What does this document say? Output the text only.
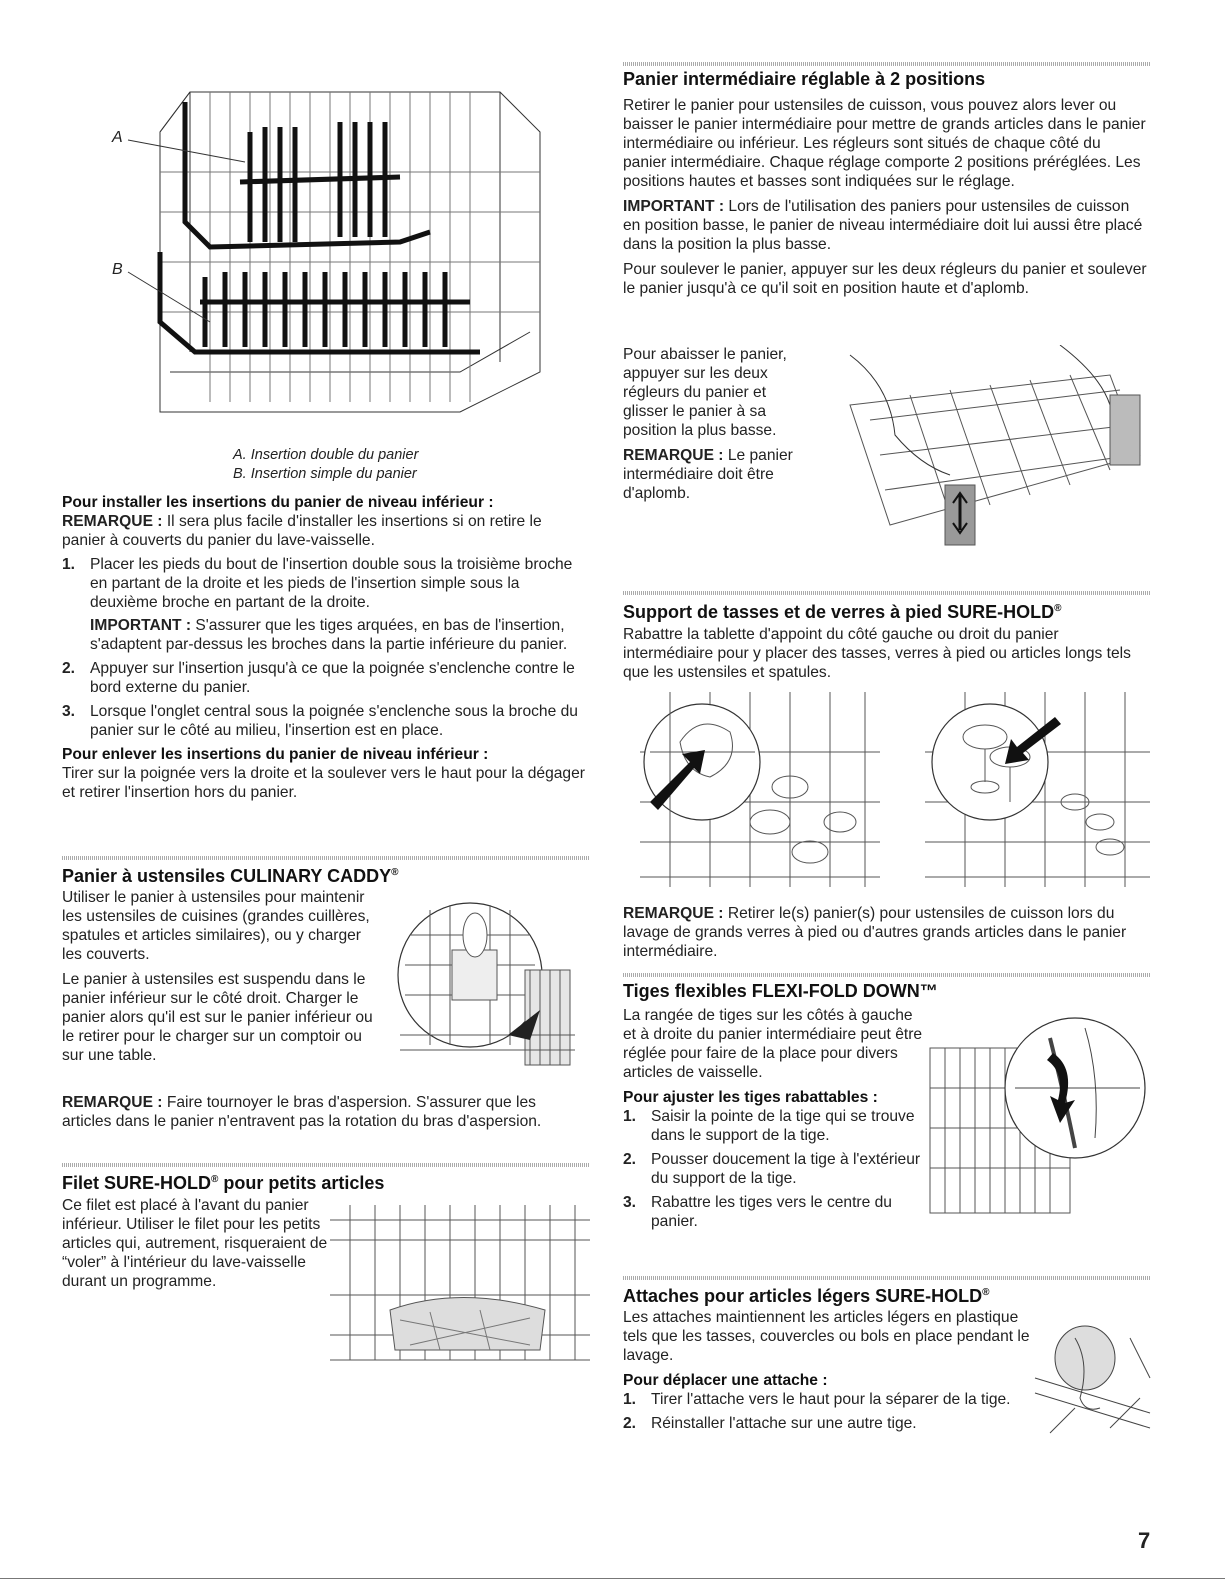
A
B
A. Insertion double du panier
B. Insertion simple du panier
Pour installer les insertions du panier de niveau inférieur :

REMARQUE : Il sera plus facile d'installer les insertions si on retire le panier à couverts du panier du lave-vaisselle.

1. Placer les pieds du bout de l'insertion double sous la troisième broche en partant de la droite et les pieds de l'insertion simple sous la deuxième broche en partant de la droite.

IMPORTANT : S'assurer que les tiges arquées, en bas de l'insertion, s'adaptent par-dessus les broches dans la partie inférieure du panier.

2. Appuyer sur l'insertion jusqu'à ce que la poignée s'enclenche contre le bord externe du panier.
3. Lorsque l'onglet central sous la poignée s'enclenche sous la broche du panier sur le côté au milieu, l'insertion est en place.
Pour enlever les insertions du panier de niveau inférieur :

Tirer sur la poignée vers la droite et la soulever vers le haut pour la dégager et retirer l'insertion hors du panier.

Panier à ustensiles CULINARY CADDY®

Utiliser le panier à ustensiles pour maintenir les ustensiles de cuisines (grandes cuillères, spatules et articles similaires), ou y charger les couverts.

Le panier à ustensiles est suspendu dans le panier inférieur sur le côté droit. Charger le panier alors qu'il est sur le panier inférieur ou le retirer pour le charger sur un comptoir ou sur une table.

REMARQUE : Faire tournoyer le bras d'aspersion. S'assurer que les articles dans le panier n'entravent pas la rotation du bras d'aspersion.

Filet SURE-HOLD® pour petits articles

Ce filet est placé à l'avant du panier inférieur. Utiliser le filet pour les petits articles qui, autrement, risqueraient de “voler” à l'intérieur du lave-vaisselle durant un programme.

Panier intermédiaire réglable à 2 positions

Retirer le panier pour ustensiles de cuisson, vous pouvez alors lever ou baisser le panier intermédiaire pour mettre de grands articles dans le panier intermédiaire ou inférieur. Les régleurs sont situés de chaque côté du panier intermédiaire. Chaque réglage comporte 2 positions préréglées. Les positions hautes et basses sont indiquées sur le réglage.

IMPORTANT : Lors de l'utilisation des paniers pour ustensiles de cuisson en position basse, le panier de niveau intermédiaire doit lui aussi être placé dans la position la plus basse.

Pour soulever le panier, appuyer sur les deux régleurs du panier et soulever le panier jusqu'à ce qu'il soit en position haute et d'aplomb.

Pour abaisser le panier, appuyer sur les deux régleurs du panier et glisser le panier à sa position la plus basse.

REMARQUE : Le panier intermédiaire doit être d'aplomb.

Support de tasses et de verres à pied SURE-HOLD®

Rabattre la tablette d'appoint du côté gauche ou droit du panier intermédiaire pour y placer des tasses, verres à pied ou articles longs tels que les ustensiles et spatules.

REMARQUE : Retirer le(s) panier(s) pour ustensiles de cuisson lors du lavage de grands verres à pied ou d'autres grands articles dans le panier intermédiaire.

Tiges flexibles FLEXI-FOLD DOWN™

La rangée de tiges sur les côtés à gauche et à droite du panier intermédiaire peut être réglée pour faire de la place pour divers articles de vaisselle.

Pour ajuster les tiges rabattables :
1. Saisir la pointe de la tige qui se trouve dans le support de la tige.
2. Pousser doucement la tige à l'extérieur du support de la tige.
3. Rabattre les tiges vers le centre du panier.
Attaches pour articles légers SURE-HOLD®

Les attaches maintiennent les articles légers en plastique tels que les tasses, couvercles ou bols en place pendant le lavage.

Pour déplacer une attache :
1. Tirer l'attache vers le haut pour la séparer de la tige.
2. Réinstaller l'attache sur une autre tige.
7
